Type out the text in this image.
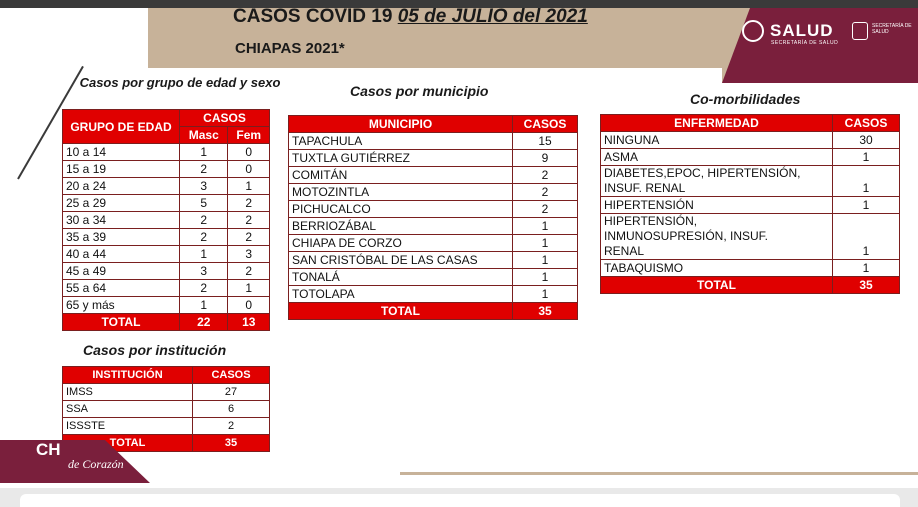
CASOS COVID 19 05 de JULIO del 2021
CHIAPAS 2021*
SALUD
SECRETARÍA DE SALUD
SECRETARÍA DE SALUD
Casos por grupo de edad y sexo
GRUPO DE EDAD	CASOS	
	Masc	Fem
10 a 14	1	0
15 a 19	2	0
20 a 24	3	1
25 a 29	5	2
30 a 34	2	2
35 a 39	2	2
40 a 44	1	3
45 a 49	3	2
55 a 64	2	1
65 y más	1	0
TOTAL	22	13
Casos por municipio
MUNICIPIO	CASOS
TAPACHULA	15
TUXTLA GUTIÉRREZ	9
COMITÁN	2
MOTOZINTLA	2
PICHUCALCO	2
BERRIOZÁBAL	1
CHIAPA DE CORZO	1
SAN CRISTÓBAL DE LAS CASAS	1
TONALÁ	1
TOTOLAPA	1
TOTAL	35
Co-morbilidades
ENFERMEDAD	CASOS

NINGUNA	30

ASMA	1

DIABETES,EPOC, HIPERTENSIÓN,
INSUF. RENAL	1

HIPERTENSIÓN	1

HIPERTENSIÓN,
INMUNOSUPRESIÓN, INSUF.
RENAL	1

TABAQUISMO	1
TOTAL	35
Casos por institución
INSTITUCIÓN	CASOS
IMSS	27
SSA	6
ISSSTE	2
TOTAL	35
CH
de Corazón
